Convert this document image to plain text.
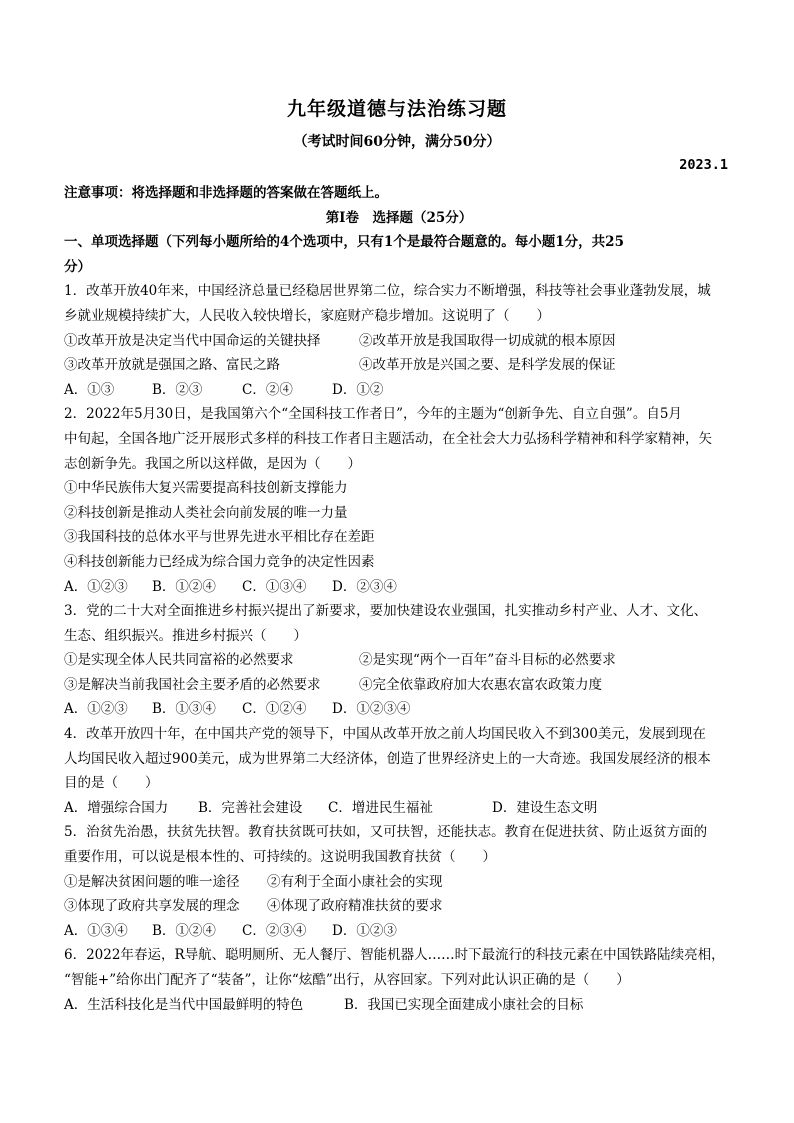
九年级道德与法治练习题
（考试时间60分钟，满分50分）
2023.1
注意事项：将选择题和非选择题的答案做在答题纸上。
第Ⅰ卷　选择题（25分）
一、单项选择题（下列每小题所给的4个选项中，只有1个是最符合题意的。每小题1分，共25
分）
1．改革开放40年来，中国经济总量已经稳居世界第二位，综合实力不断增强，科技等社会事业蓬勃发展，城
乡就业规模持续扩大，人民收入较快增长，家庭财产稳步增加。这说明了（　　）
①改革开放是决定当代中国命运的关键抉择	②改革开放是我国取得一切成就的根本原因
③改革开放就是强国之路、富民之路	④改革开放是兴国之要、是科学发展的保证
A．①③	B．②③	C．②④	D．①②
2．2022年5月30日，是我国第六个“全国科技工作者日”，今年的主题为“创新争先、自立自强”。自5月
中旬起，全国各地广泛开展形式多样的科技工作者日主题活动，在全社会大力弘扬科学精神和科学家精神，矢
志创新争先。我国之所以这样做，是因为（　　）
①中华民族伟大复兴需要提高科技创新支撑能力
②科技创新是推动人类社会向前发展的唯一力量
③我国科技的总体水平与世界先进水平相比存在差距
④科技创新能力已经成为综合国力竞争的决定性因素
A．①②③	B．①②④	C．①③④	D．②③④
3．党的二十大对全面推进乡村振兴提出了新要求，要加快建设农业强国，扎实推动乡村产业、人才、文化、
生态、组织振兴。推进乡村振兴（　　）
①是实现全体人民共同富裕的必然要求	②是实现“两个一百年”奋斗目标的必然要求
③是解决当前我国社会主要矛盾的必然要求	④完全依靠政府加大农惠农富农政策力度
A．①②③	B．①③④	C．①②④	D．①②③④
4．改革开放四十年，在中国共产党的领导下，中国从改革开放之前人均国民收入不到300美元，发展到现在
人均国民收入超过900美元，成为世界第二大经济体，创造了世界经济史上的一大奇迹。我国发展经济的根本
目的是（　　）
A．增强综合国力	B．完善社会建设	C．增进民生福祉	D．建设生态文明
5．治贫先治愚，扶贫先扶智。教育扶贫既可扶如，又可扶智，还能扶志。教育在促进扶贫、防止返贫方面的
重要作用，可以说是根本性的、可持续的。这说明我国教育扶贫（　　）
①是解决贫困问题的唯一途径	②有利于全面小康社会的实现
③体现了政府共享发展的理念	④体现了政府精准扶贫的要求
A．①③④	B．①②④	C．②③④	D．①②③
6．2022年春运，R导航、聪明厕所、无人餐厅、智能机器人……时下最流行的科技元素在中国铁路陆续亮相，
“智能+”给你出门配齐了“装备”，让你“炫酷”出行，从容回家。下列对此认识正确的是（　　）
A．生活科技化是当代中国最鲜明的特色	B．我国已实现全面建成小康社会的目标
